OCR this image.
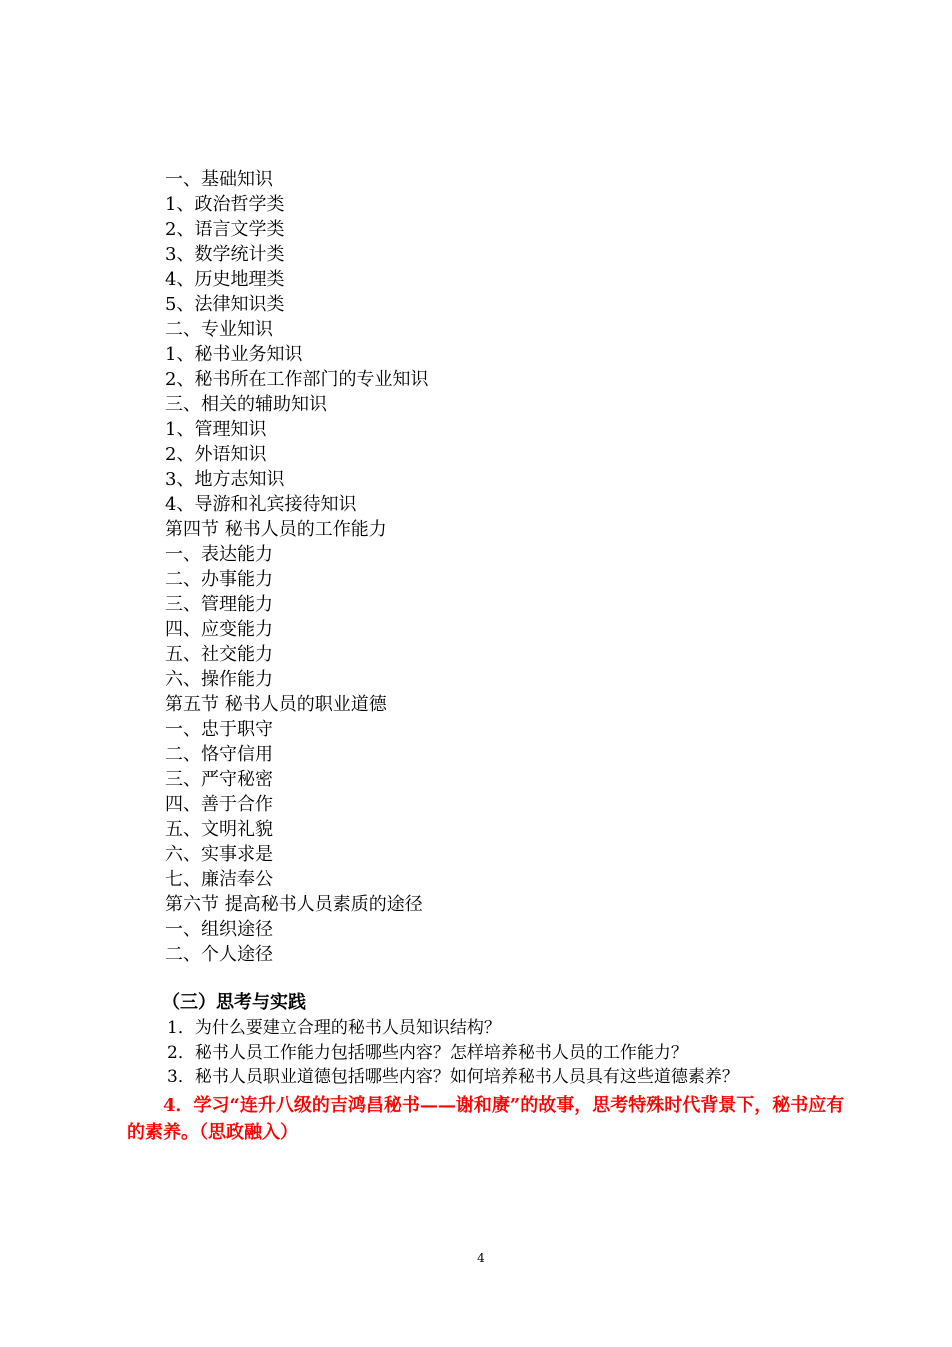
一、基础知识
1、政治哲学类
2、语言文学类
3、数学统计类
4、历史地理类
5、法律知识类
二、专业知识
1、秘书业务知识
2、秘书所在工作部门的专业知识
三、相关的辅助知识
1、管理知识
2、外语知识
3、地方志知识
4、导游和礼宾接待知识
第四节 秘书人员的工作能力
一、表达能力
二、办事能力
三、管理能力
四、应变能力
五、社交能力
六、操作能力
第五节 秘书人员的职业道德
一、忠于职守
二、恪守信用
三、严守秘密
四、善于合作
五、文明礼貌
六、实事求是
七、廉洁奉公
第六节 提高秘书人员素质的途径
一、组织途径
二、个人途径
（三）思考与实践
1．为什么要建立合理的秘书人员知识结构？
2．秘书人员工作能力包括哪些内容？怎样培养秘书人员的工作能力？
3．秘书人员职业道德包括哪些内容？如何培养秘书人员具有这些道德素养？
4．学习“连升八级的吉鸿昌秘书——谢和赓”的故事，思考特殊时代背景下，秘书应有的素养。（思政融入）
4
